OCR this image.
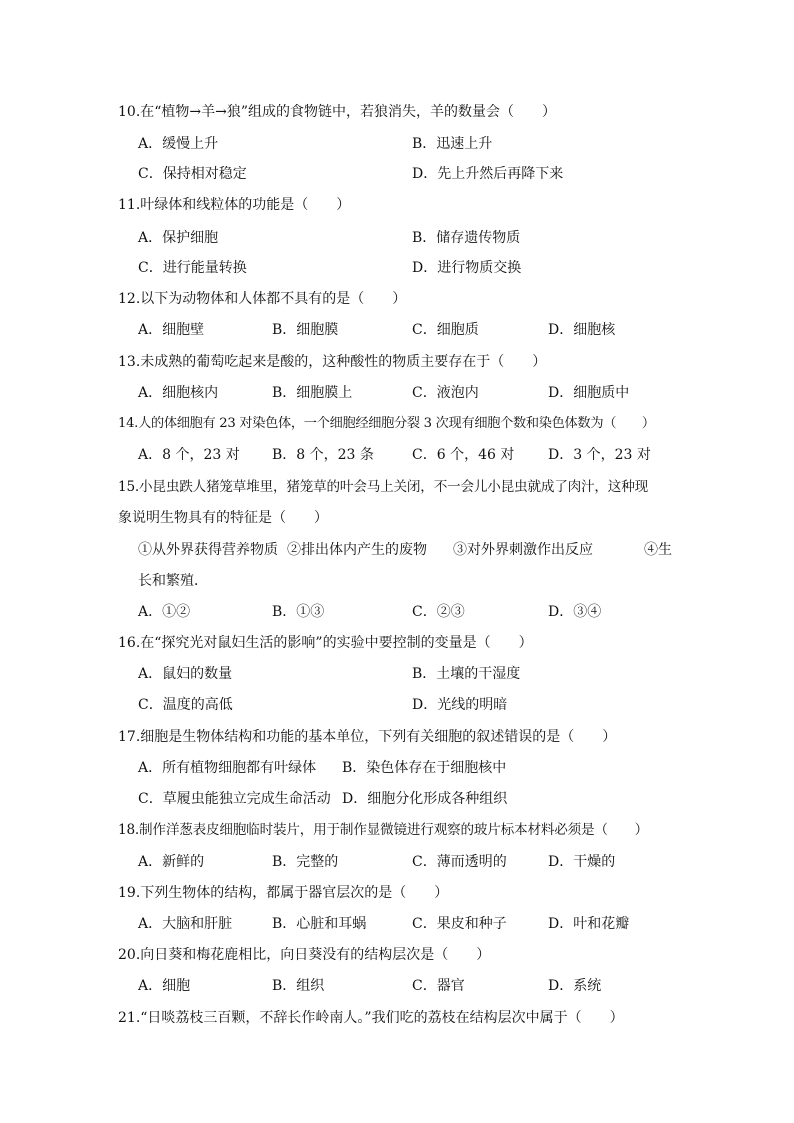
10.在“植物→羊→狼”组成的食物链中，若狼消失，羊的数量会（　　）
A．缓慢上升	B．迅速上升
C．保持相对稳定	D．先上升然后再降下来
11.叶绿体和线粒体的功能是（　　）
A．保护细胞	B．储存遗传物质
C．进行能量转换	D．进行物质交换
12.以下为动物体和人体都不具有的是（　　）
A．细胞壁	B．细胞膜	C．细胞质	D．细胞核
13.未成熟的葡萄吃起来是酸的，这种酸性的物质主要存在于（　　）
A．细胞核内	B．细胞膜上	C．液泡内	D．细胞质中
14.人的体细胞有 23 对染色体，一个细胞经细胞分裂 3 次现有细胞个数和染色体数为（　　）
A．8 个，23 对 B．8 个，23 条	C．6 个，46 对 D．3 个，23 对
15.小昆虫跌人猪笼草堆里，猪笼草的叶会马上关闭，不一会儿小昆虫就成了肉汁，这种现
象说明生物具有的特征是（　　）
①从外界获得营养物质 ②排出体内产生的废物 ③对外界刺激作出反应	④生
长和繁殖．
A．①②	B．①③	C．②③	D．③④
16.在“探究光对鼠妇生活的影响”的实验中要控制的变量是（　　）
A．鼠妇的数量	B．土壤的干湿度
C．温度的高低	D．光线的明暗
17.细胞是生物体结构和功能的基本单位，下列有关细胞的叙述错误的是（　　）
A．所有植物细胞都有叶绿体 B．染色体存在于细胞核中
C．草履虫能独立完成生命活动 D．细胞分化形成各种组织
18.制作洋葱表皮细胞临时装片，用于制作显微镜进行观察的玻片标本材料必须是（　　）
A．新鲜的	B．完整的	C．薄而透明的	D．干燥的
19.下列生物体的结构，都属于器官层次的是（　　）
A．大脑和肝脏	B．心脏和耳蜗	C．果皮和种子	D．叶和花瓣
20.向日葵和梅花鹿相比，向日葵没有的结构层次是（　　）
A．细胞	B．组织	C．器官	D．系统
21.“日啖荔枝三百颗，不辞长作岭南人。”我们吃的荔枝在结构层次中属于（　　）
